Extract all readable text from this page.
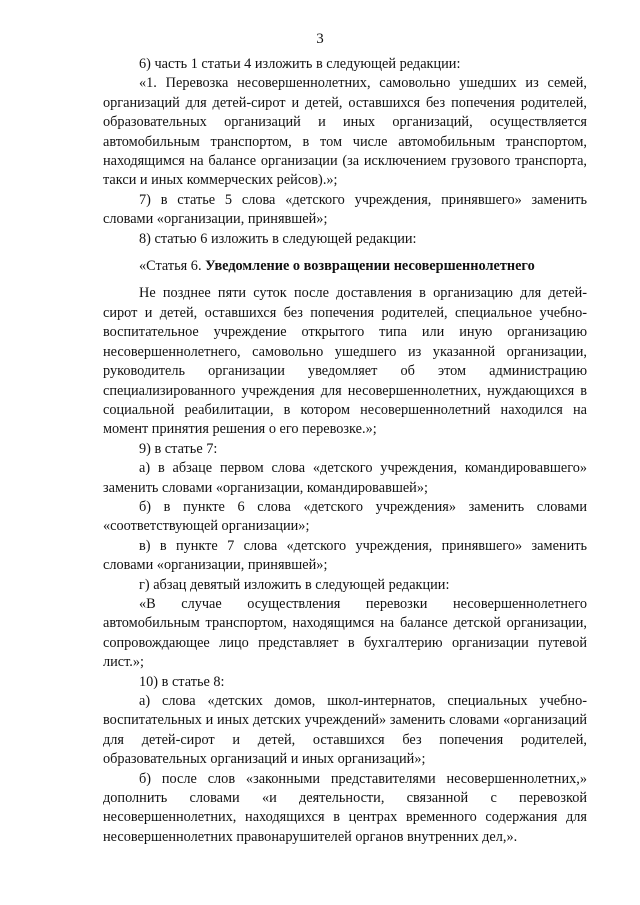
3

6) часть 1 статьи 4 изложить в следующей редакции:

«1. Перевозка несовершеннолетних, самовольно ушедших из семей, организаций для детей-сирот и детей, оставшихся без попечения родителей, образовательных организаций и иных организаций, осуществляется автомобильным транспортом, в том числе автомобильным транспортом, находящимся на балансе организации (за исключением грузового транспорта, такси и иных коммерческих рейсов).»;

7) в статье 5 слова «детского учреждения, принявшего» заменить словами «организации, принявшей»;

8) статью 6 изложить в следующей редакции:

«Статья 6. Уведомление о возвращении несовершеннолетнего

Не позднее пяти суток после доставления в организацию для детей-сирот и детей, оставшихся без попечения родителей, специальное учебно-воспитательное учреждение открытого типа или иную организацию несовершеннолетнего, самовольно ушедшего из указанной организации, руководитель организации уведомляет об этом администрацию специализированного учреждения для несовершеннолетних, нуждающихся в социальной реабилитации, в котором несовершеннолетний находился на момент принятия решения о его перевозке.»;

9) в статье 7:

а) в абзаце первом слова «детского учреждения, командировавшего» заменить словами «организации, командировавшей»;

б) в пункте 6 слова «детского учреждения» заменить словами «соответствующей организации»;

в) в пункте 7 слова «детского учреждения, принявшего» заменить словами «организации, принявшей»;

г) абзац девятый изложить в следующей редакции:

«В случае осуществления перевозки несовершеннолетнего автомобильным транспортом, находящимся на балансе детской организации, сопровождающее лицо представляет в бухгалтерию организации путевой лист.»;

10) в статье 8:

а) слова «детских домов, школ-интернатов, специальных учебно-воспитательных и иных детских учреждений» заменить словами «организаций для детей-сирот и детей, оставшихся без попечения родителей, образовательных организаций и иных организаций»;

б) после слов «законными представителями несовершеннолетних,» дополнить словами «и деятельности, связанной с перевозкой несовершеннолетних, находящихся в центрах временного содержания для несовершеннолетних правонарушителей органов внутренних дел,».
